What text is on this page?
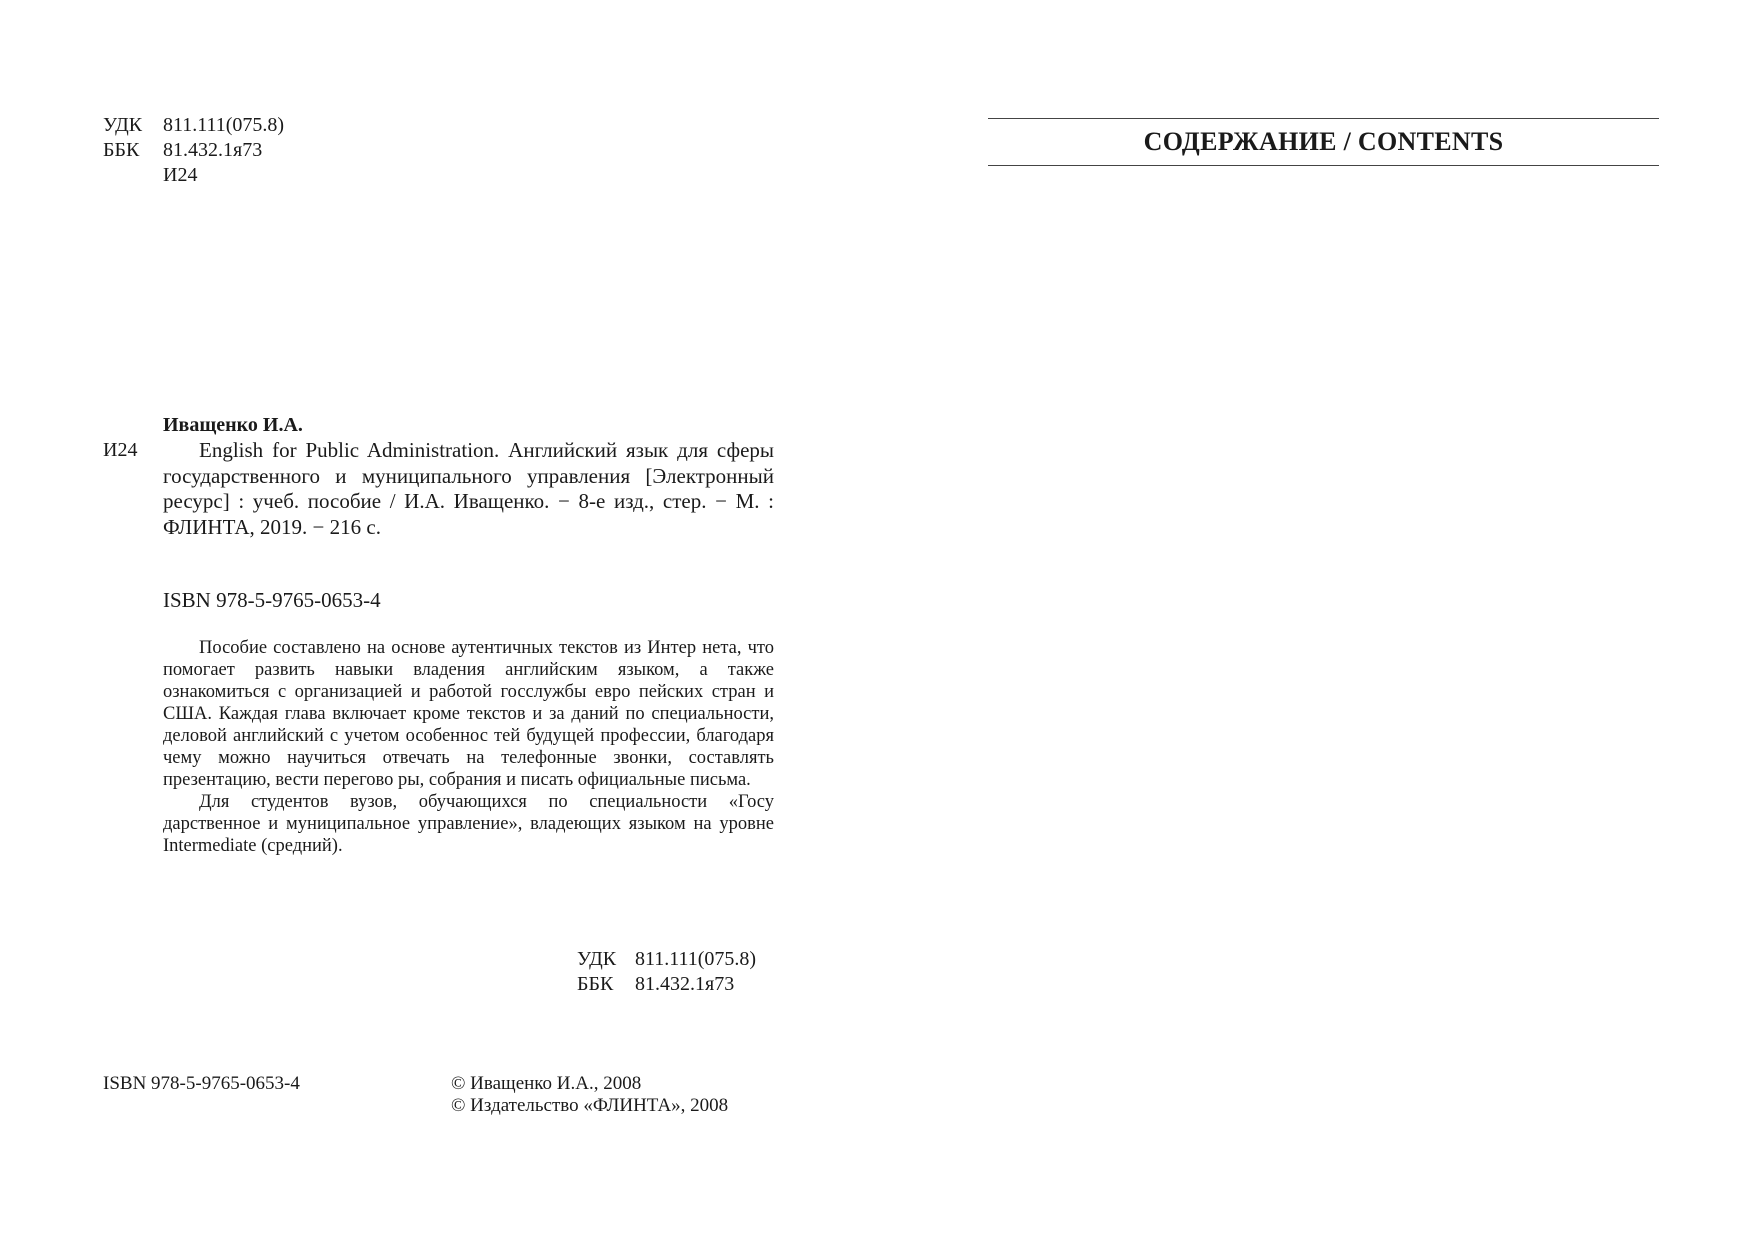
УДК	811.111(075.8)
ББК	81.432.1я73
И24
Иващенко И.А.
И24	English for Public Administration. Английский язык для сферы государственного и муниципального управления [Электронный ресурс] : учеб. пособие / И.А. Иващенко. − 8-е изд., стер. − М. : ФЛИНТА, 2019. − 216 с.
ISBN 978-5-9765-0653-4

Пособие составлено на основе аутентичных текстов из Интер нета, что помогает развить навыки владения английским языком, а также ознакомиться с организацией и работой госслужбы евро пейских стран и США. Каждая глава включает кроме текстов и за даний по специальности, деловой английский с учетом особеннос тей будущей профессии, благодаря чему можно научиться отвечать на телефонные звонки, составлять презентацию, вести перегово ры, собрания и писать официальные письма.

Для студентов вузов, обучающихся по специальности «Госу дарственное и муниципальное управление», владеющих языком на уровне Intermediate (средний).

УДК 811.111(075.8)
ББК	81.432.1я73
ISBN 978-5-9765-0653-4	© Иващенко И.А., 2008
© Издательство «ФЛИНТА», 2008
СОДЕРЖАНИЕ / CONTENTS
